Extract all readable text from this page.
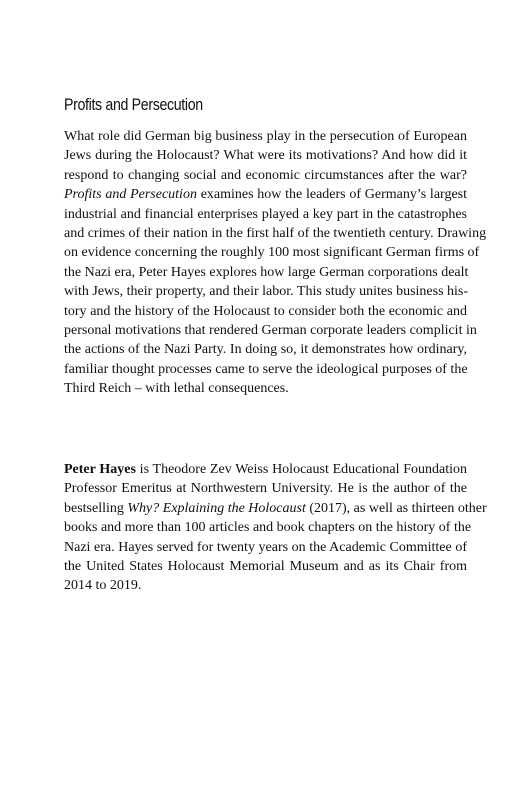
Profits and Persecution
What role did German big business play in the persecution of European
Jews during the Holocaust? What were its motivations? And how did it
respond to changing social and economic circumstances after the war?
Profits and Persecution examines how the leaders of Germany’s largest
industrial and financial enterprises played a key part in the catastrophes
and crimes of their nation in the first half of the twentieth century. Drawing
on evidence concerning the roughly 100 most significant German firms of
the Nazi era, Peter Hayes explores how large German corporations dealt
with Jews, their property, and their labor. This study unites business his-
tory and the history of the Holocaust to consider both the economic and
personal motivations that rendered German corporate leaders complicit in
the actions of the Nazi Party. In doing so, it demonstrates how ordinary,
familiar thought processes came to serve the ideological purposes of the
Third Reich – with lethal consequences.
Peter Hayes is Theodore Zev Weiss Holocaust Educational Foundation
Professor Emeritus at Northwestern University. He is the author of the
bestselling Why? Explaining the Holocaust (2017), as well as thirteen other
books and more than 100 articles and book chapters on the history of the
Nazi era. Hayes served for twenty years on the Academic Committee of
the United States Holocaust Memorial Museum and as its Chair from
2014 to 2019.
